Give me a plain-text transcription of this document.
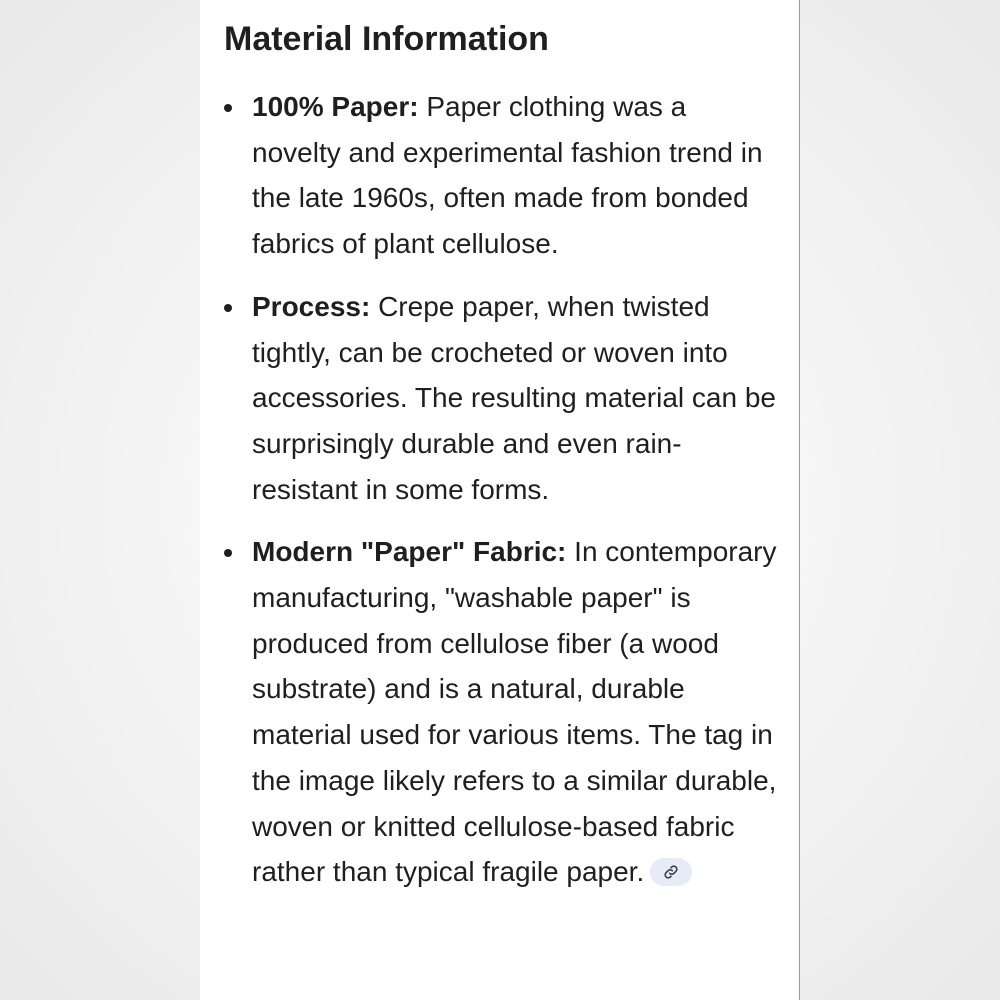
Material Information
100% Paper: Paper clothing was a novelty and experimental fashion trend in the late 1960s, often made from bonded fabrics of plant cellulose.
Process: Crepe paper, when twisted tightly, can be crocheted or woven into accessories. The resulting material can be surprisingly durable and even rain-resistant in some forms.
Modern "Paper" Fabric: In contemporary manufacturing, "washable paper" is produced from cellulose fiber (a wood substrate) and is a natural, durable material used for various items. The tag in the image likely refers to a similar durable, woven or knitted cellulose-based fabric rather than typical fragile paper.
